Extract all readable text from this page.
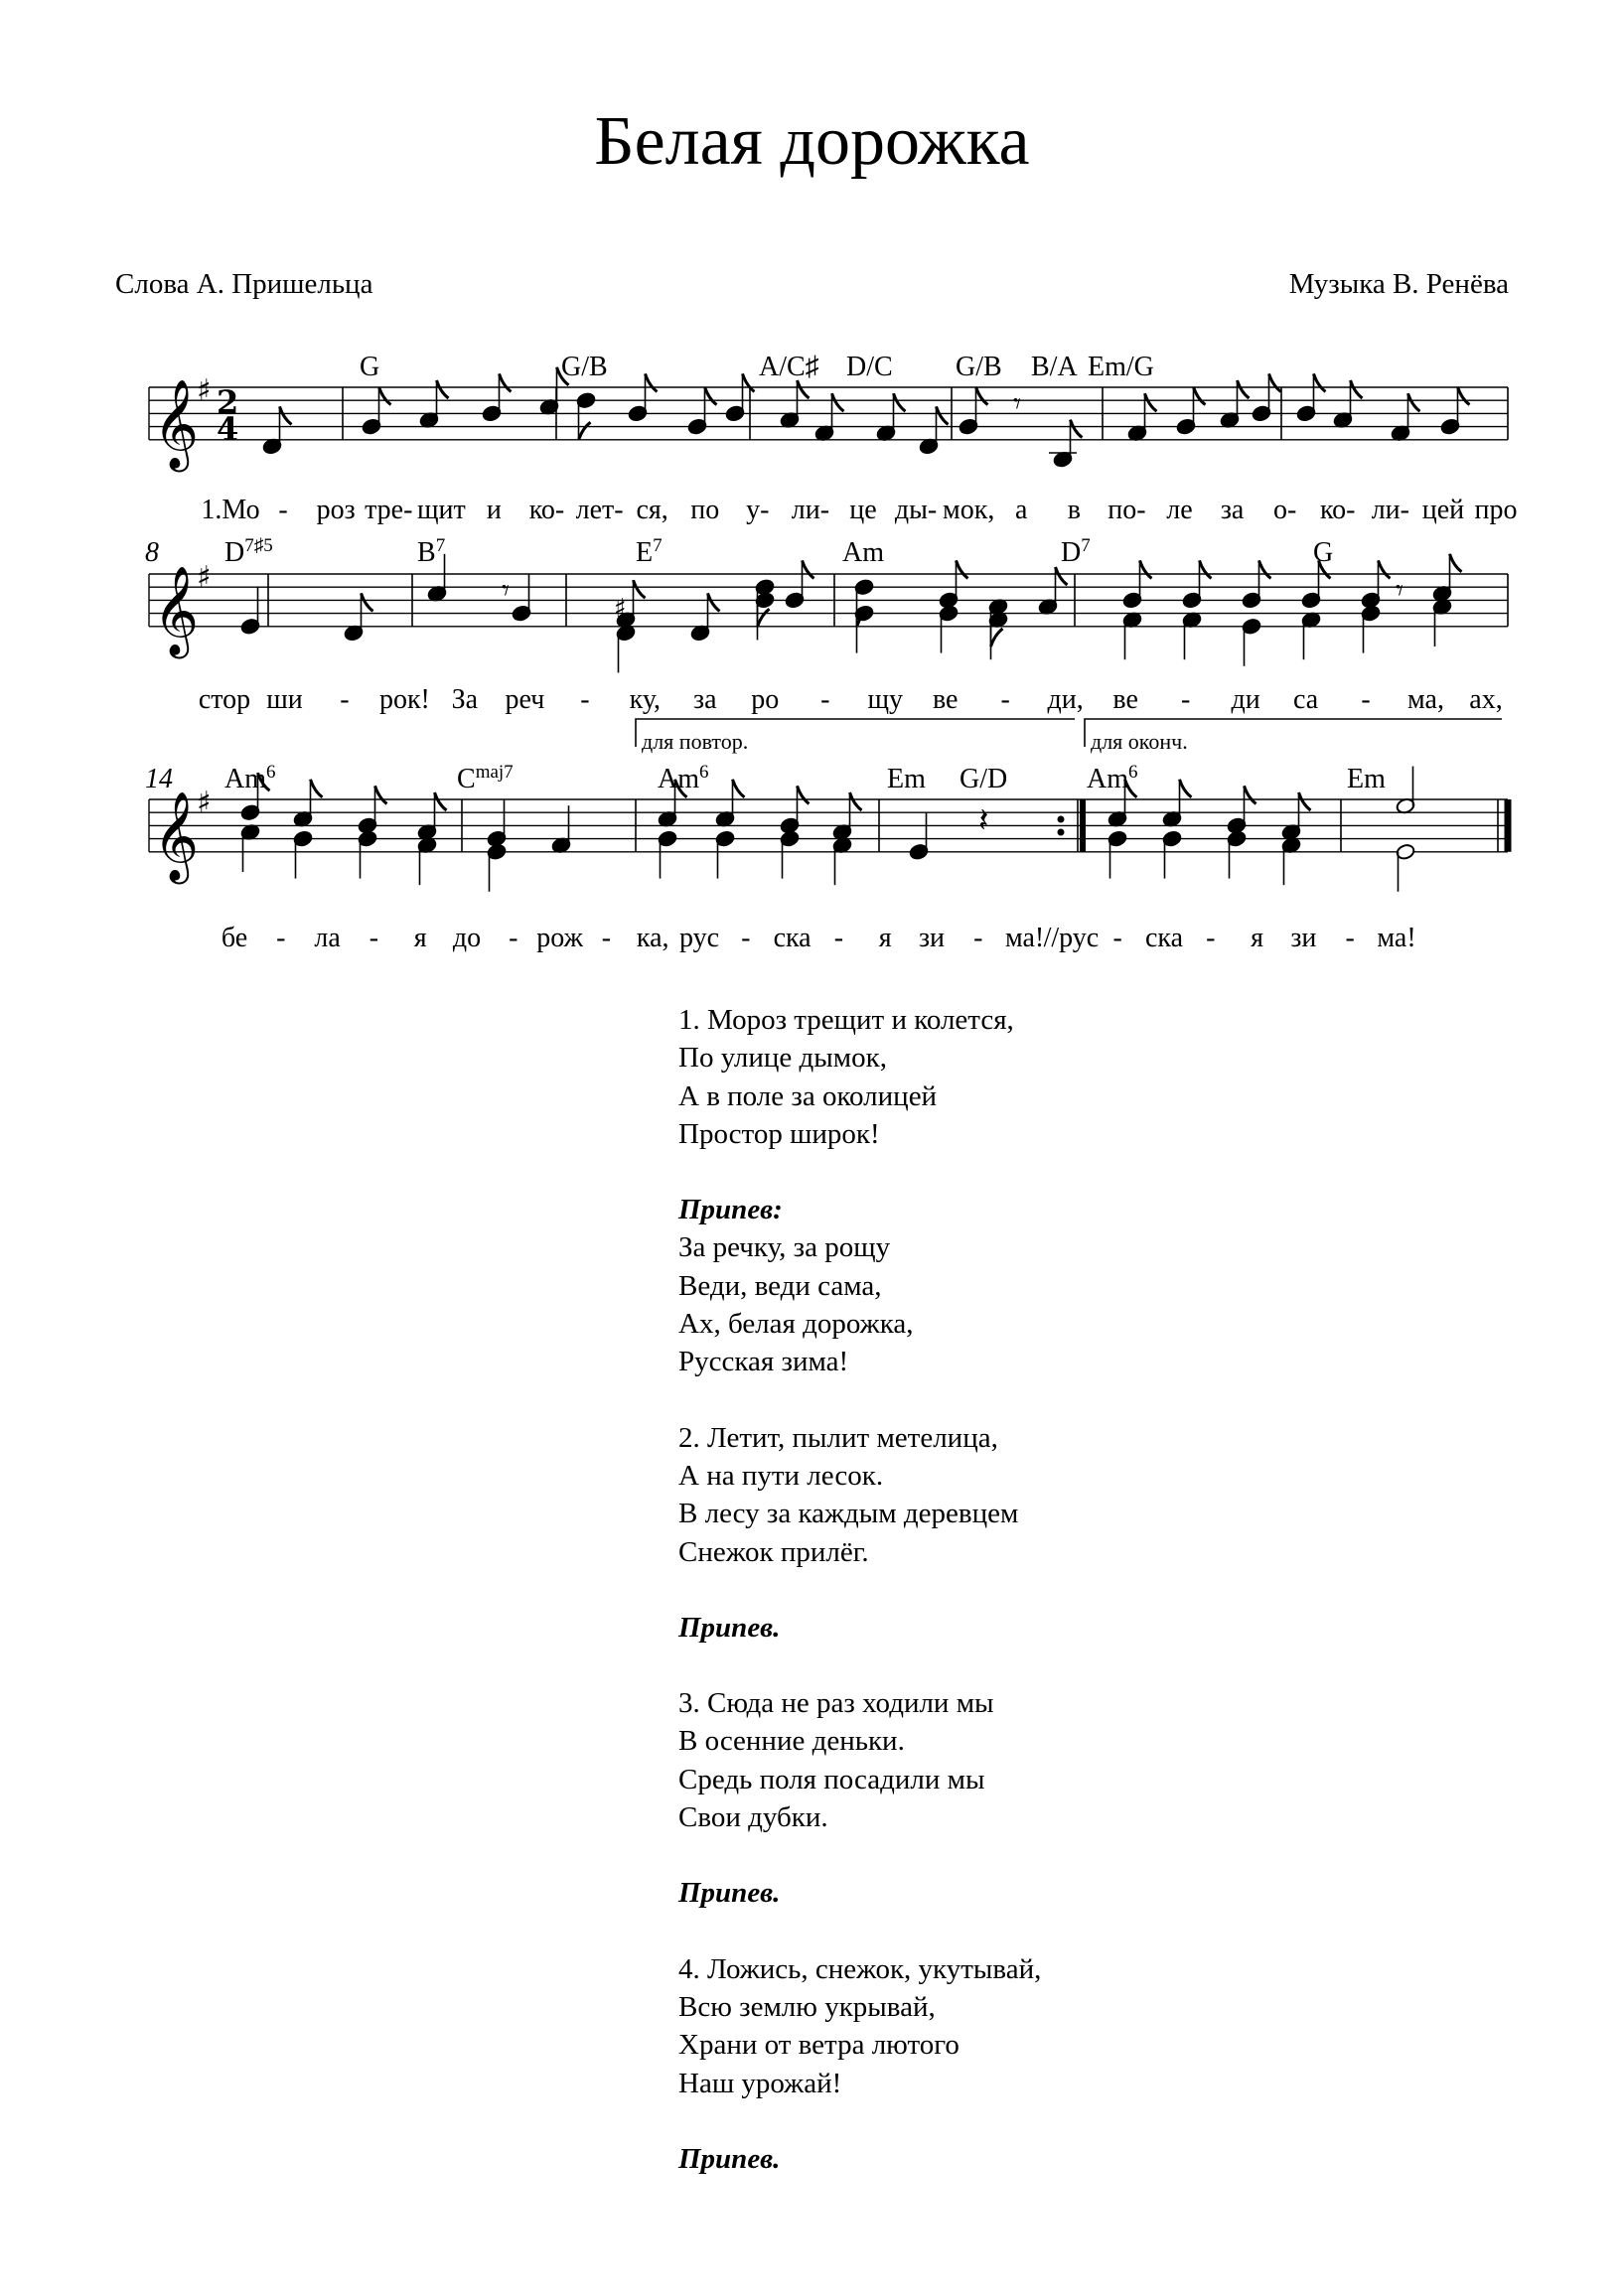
Белая дорожка
Слова А. Пришельца	Музыка В. Ренёва
𝄞
♯
𝄞
♯
𝄞
♯
2
4
𝄾
𝄾	𝄾
♯
𝄽
G	G/B	A/C♯ D/C G/B B/A Em/G
$D^{7♯5}$	$B^7$	$E^7$	Am	$D^7$	G
Am$^6$	$C^{maj7}$	Am$^6$	Em G/D	Am$^6$	Em
1.Мо - роз тре- щит и ко- лет- ся, по у- ли- це ды- мок, а в по- ле за о- ко- ли- цей про
стор ши - рок! За реч - ку, за ро - щу ве - ди, ве - ди са - ма, ах,
бе - ла - я до - рож - ка, рус - ска - я зи - ма! //рус - ска - я зи - ма!
8
14
для повтор.	для оконч.
1. Мороз трещит и колется,
По улице дымок,
А в поле за околицей
Простор широк!
Припев:
За речку, за рощу
Веди, веди сама,
Ах, белая дорожка,
Русская зима!
2. Летит, пылит метелица,
А на пути лесок.
В лесу за каждым деревцем
Снежок прилёг.
Припев.
3. Сюда не раз ходили мы
В осенние деньки.
Средь поля посадили мы
Свои дубки.
Припев.
4. Ложись, снежок, укутывай,
Всю землю укрывай,
Храни от ветра лютого
Наш урожай!
Припев.
